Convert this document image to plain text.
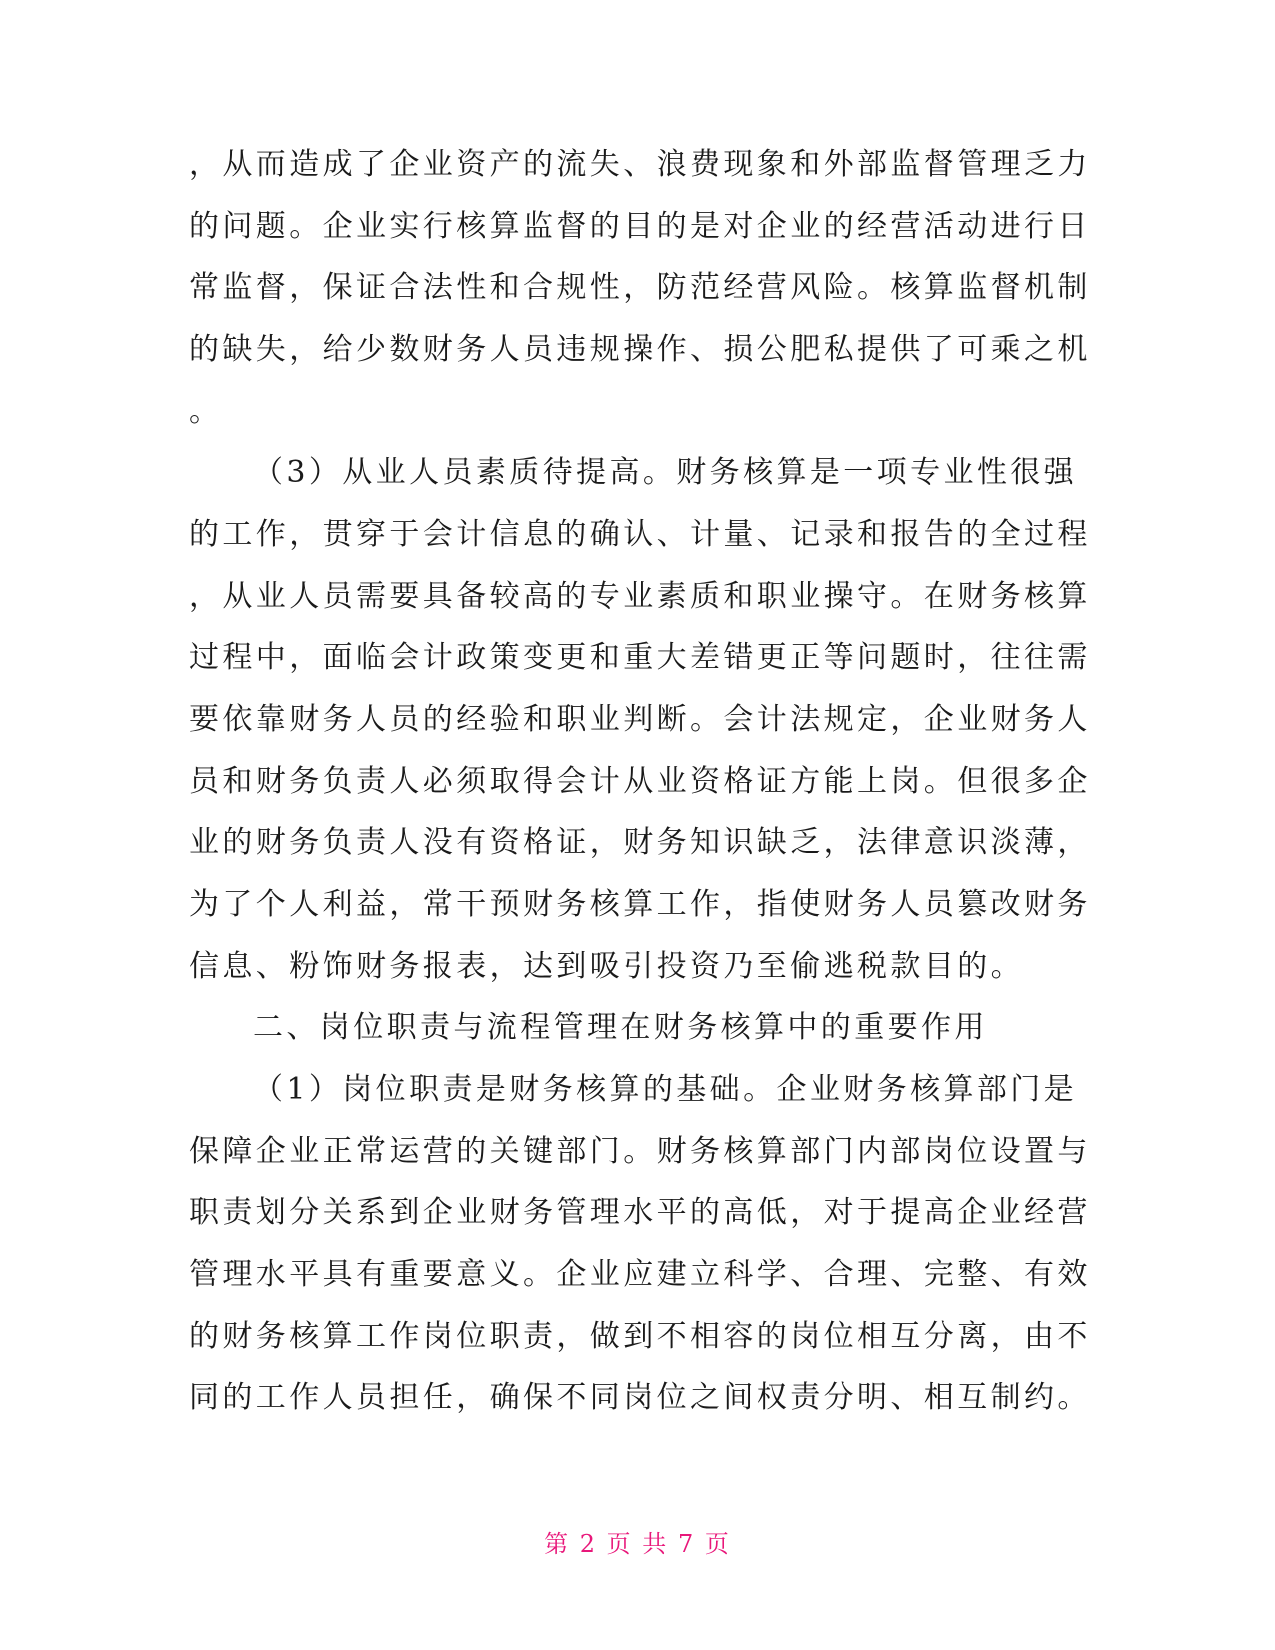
，从而造成了企业资产的流失、浪费现象和外部监督管理乏力
的问题。企业实行核算监督的目的是对企业的经营活动进行日
常监督，保证合法性和合规性，防范经营风险。核算监督机制
的缺失，给少数财务人员违规操作、损公肥私提供了可乘之机
。
（3）从业人员素质待提高。财务核算是一项专业性很强
的工作，贯穿于会计信息的确认、计量、记录和报告的全过程
，从业人员需要具备较高的专业素质和职业操守。在财务核算
过程中，面临会计政策变更和重大差错更正等问题时，往往需
要依靠财务人员的经验和职业判断。会计法规定，企业财务人
员和财务负责人必须取得会计从业资格证方能上岗。但很多企
业的财务负责人没有资格证，财务知识缺乏，法律意识淡薄，
为了个人利益，常干预财务核算工作，指使财务人员篡改财务
信息、粉饰财务报表，达到吸引投资乃至偷逃税款目的。
二、岗位职责与流程管理在财务核算中的重要作用
（1）岗位职责是财务核算的基础。企业财务核算部门是
保障企业正常运营的关键部门。财务核算部门内部岗位设置与
职责划分关系到企业财务管理水平的高低，对于提高企业经营
管理水平具有重要意义。企业应建立科学、合理、完整、有效
的财务核算工作岗位职责，做到不相容的岗位相互分离，由不
同的工作人员担任，确保不同岗位之间权责分明、相互制约。
第 2 页 共 7 页
